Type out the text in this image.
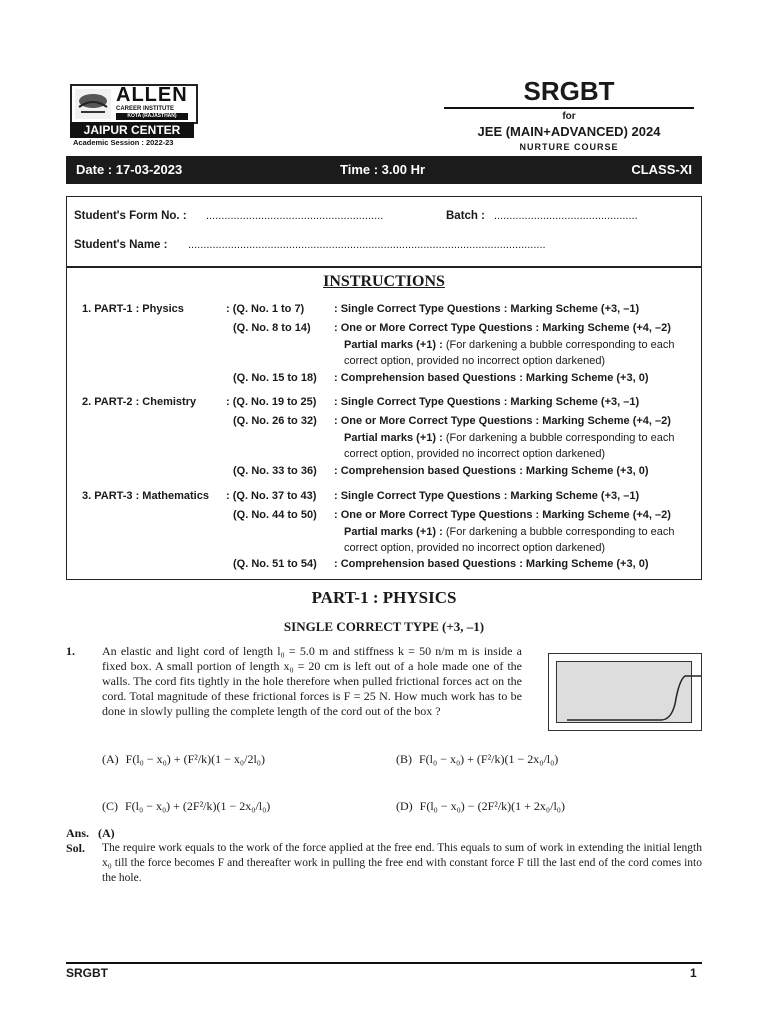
ALLEN
CAREER INSTITUTE
KOTA (RAJASTHAN)
JAIPUR CENTER
Academic Session : 2022-23
SRGBT
for
JEE (MAIN+ADVANCED) 2024
NURTURE COURSE
Date : 17-03-2023	Time : 3.00 Hr	CLASS-XI
Student's Form No. : ..........................................................	Batch : ...............................................
Student's Name : .....................................................................................................................
INSTRUCTIONS
1. PART-1 : Physics	: (Q. No. 1 to 7)	: Single Correct Type Questions : Marking Scheme (+3, –1)
(Q. No. 8 to 14) : One or More Correct Type Questions : Marking Scheme (+4, –2)
Partial marks (+1) : (For darkening a bubble corresponding to each
correct option, provided no incorrect option darkened)
(Q. No. 15 to 18) : Comprehension based Questions : Marking Scheme (+3, 0)
2. PART-2 : Chemistry	: (Q. No. 19 to 25) : Single Correct Type Questions : Marking Scheme (+3, –1)
(Q. No. 26 to 32) : One or More Correct Type Questions : Marking Scheme (+4, –2)
Partial marks (+1) : (For darkening a bubble corresponding to each
correct option, provided no incorrect option darkened)
(Q. No. 33 to 36) : Comprehension based Questions : Marking Scheme (+3, 0)
3. PART-3 : Mathematics : (Q. No. 37 to 43) : Single Correct Type Questions : Marking Scheme (+3, –1)
(Q. No. 44 to 50) : One or More Correct Type Questions : Marking Scheme (+4, –2)
Partial marks (+1) : (For darkening a bubble corresponding to each
correct option, provided no incorrect option darkened)
(Q. No. 51 to 54) : Comprehension based Questions : Marking Scheme (+3, 0)
PART-1 : PHYSICS
SINGLE CORRECT TYPE (+3, –1)
1. An elastic and light cord of length l₀ = 5.0 m and stiffness k = 50 n/m m is inside a fixed box. A small portion of length x₀ = 20 cm is left out of a hole made one of the walls. The cord fits tightly in the hole therefore when pulled frictional forces act on the cord. Total magnitude of these frictional forces is F = 25 N. How much work has to be done in slowly pulling the complete length of the cord out of the box ?
(A) F(l₀ − x₀) + (F²/k)(1 − x₀/2l₀)	(B) F(l₀ − x₀) + (F²/k)(1 − 2x₀/l₀)
(C) F(l₀ − x₀) + (2F²/k)(1 − 2x₀/l₀)	(D) F(l₀ − x₀) − (2F²/k)(1 + 2x₀/l₀)
Ans. (A)
Sol. The require work equals to the work of the force applied at the free end. This equals to sum of work in extending the initial length x₀ till the force becomes F and thereafter work in pulling the free end with constant force F till the last end of the cord comes into the hole.
SRGBT	1
